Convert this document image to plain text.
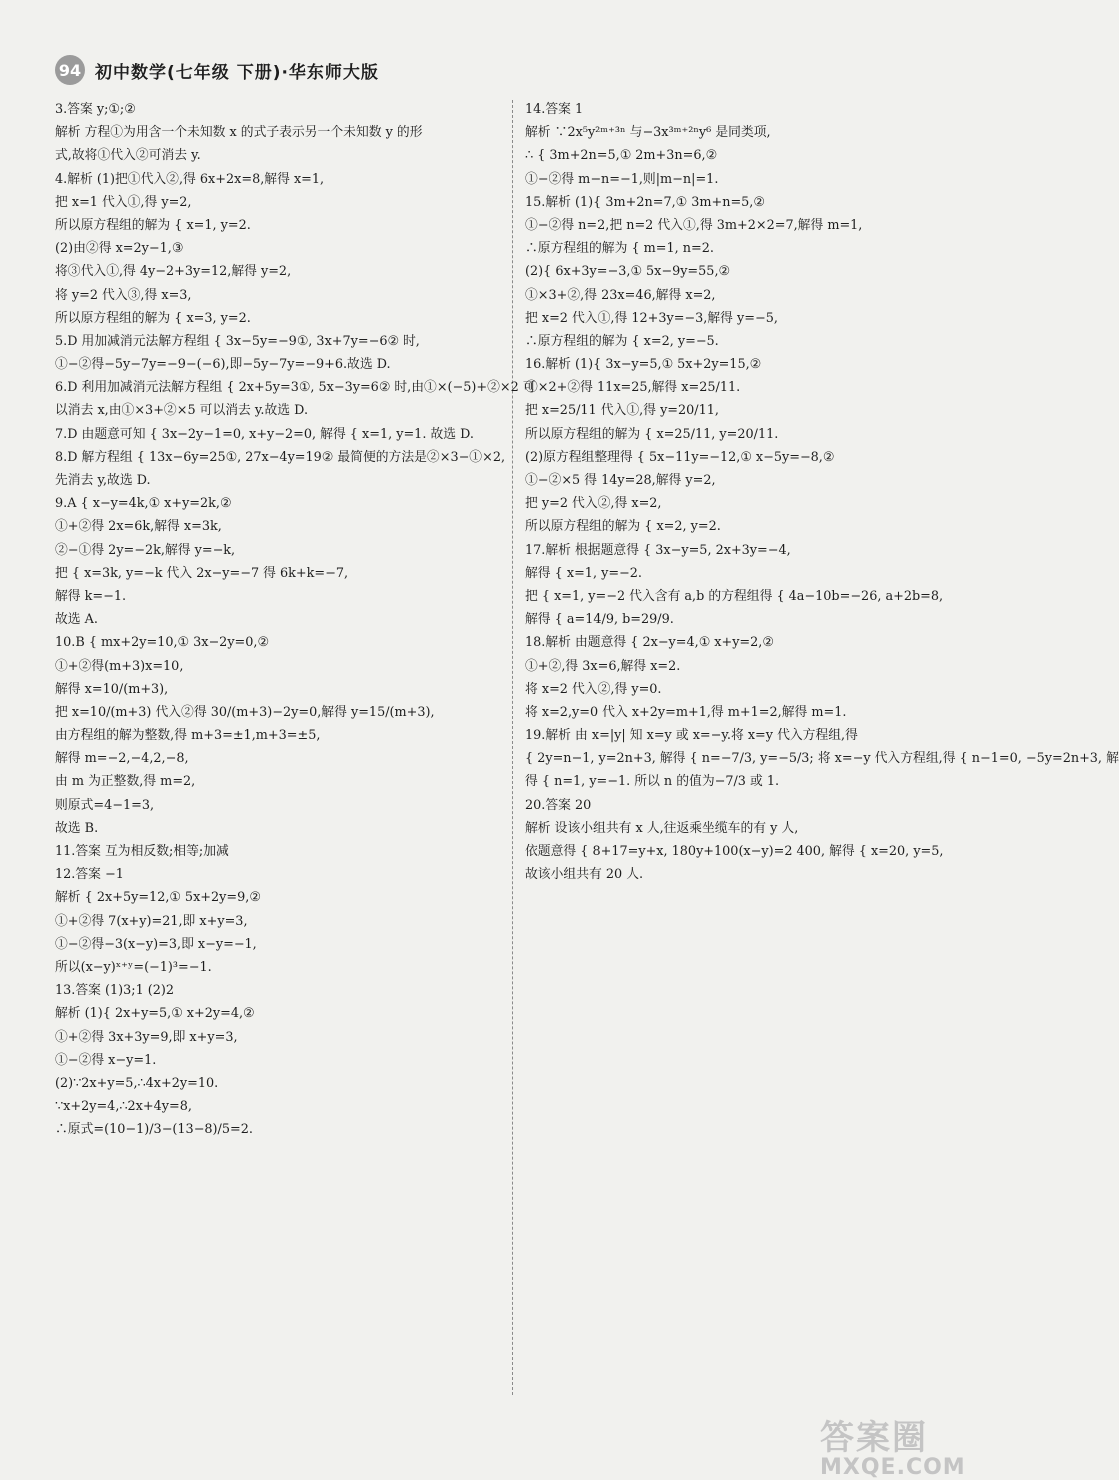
94 初中数学(七年级 下册)·华东师大版
3.答案 y;①;②
解析 方程①为用含一个未知数 x 的式子表示另一个未知数 y 的形
式,故将①代入②可消去 y.
4.解析 (1)把①代入②,得 6x+2x=8,解得 x=1,
把 x=1 代入①,得 y=2,
所以原方程组的解为 { x=1, y=2.
(2)由②得 x=2y−1,③
将③代入①,得 4y−2+3y=12,解得 y=2,
将 y=2 代入③,得 x=3,
所以原方程组的解为 { x=3, y=2.
5.D 用加减消元法解方程组 { 3x−5y=−9①, 3x+7y=−6② 时,
①−②得−5y−7y=−9−(−6),即−5y−7y=−9+6.故选 D.
6.D 利用加减消元法解方程组 { 2x+5y=3①, 5x−3y=6② 时,由①×(−5)+②×2 可
以消去 x,由①×3+②×5 可以消去 y.故选 D.
7.D 由题意可知 { 3x−2y−1=0, x+y−2=0, 解得 { x=1, y=1. 故选 D.
8.D 解方程组 { 13x−6y=25①, 27x−4y=19② 最简便的方法是②×3−①×2,
先消去 y,故选 D.
9.A { x−y=4k,① x+y=2k,②
①+②得 2x=6k,解得 x=3k,
②−①得 2y=−2k,解得 y=−k,
把 { x=3k, y=−k 代入 2x−y=−7 得 6k+k=−7,
解得 k=−1.
故选 A.
10.B { mx+2y=10,① 3x−2y=0,②
①+②得(m+3)x=10,
解得 x=10/(m+3),
把 x=10/(m+3) 代入②得 30/(m+3)−2y=0,解得 y=15/(m+3),
由方程组的解为整数,得 m+3=±1,m+3=±5,
解得 m=−2,−4,2,−8,
由 m 为正整数,得 m=2,
则原式=4−1=3,
故选 B.
11.答案 互为相反数;相等;加减
12.答案 −1
解析 { 2x+5y=12,① 5x+2y=9,②
①+②得 7(x+y)=21,即 x+y=3,
①−②得−3(x−y)=3,即 x−y=−1,
所以(x−y)ˣ⁺ʸ=(−1)³=−1.
13.答案 (1)3;1 (2)2
解析 (1){ 2x+y=5,① x+2y=4,②
①+②得 3x+3y=9,即 x+y=3,
①−②得 x−y=1.
(2)∵2x+y=5,∴4x+2y=10.
∵x+2y=4,∴2x+4y=8,
∴原式=(10−1)/3−(13−8)/5=2.
14.答案 1
解析 ∵2x⁵y²ᵐ⁺³ⁿ 与−3x³ᵐ⁺²ⁿy⁶ 是同类项,
∴ { 3m+2n=5,① 2m+3n=6,②
①−②得 m−n=−1,则|m−n|=1.
15.解析 (1){ 3m+2n=7,① 3m+n=5,②
①−②得 n=2,把 n=2 代入①,得 3m+2×2=7,解得 m=1,
∴原方程组的解为 { m=1, n=2.
(2){ 6x+3y=−3,① 5x−9y=55,②
①×3+②,得 23x=46,解得 x=2,
把 x=2 代入①,得 12+3y=−3,解得 y=−5,
∴原方程组的解为 { x=2, y=−5.
16.解析 (1){ 3x−y=5,① 5x+2y=15,②
①×2+②得 11x=25,解得 x=25/11.
把 x=25/11 代入①,得 y=20/11,
所以原方程组的解为 { x=25/11, y=20/11.
(2)原方程组整理得 { 5x−11y=−12,① x−5y=−8,②
①−②×5 得 14y=28,解得 y=2,
把 y=2 代入②,得 x=2,
所以原方程组的解为 { x=2, y=2.
17.解析 根据题意得 { 3x−y=5, 2x+3y=−4,
解得 { x=1, y=−2.
把 { x=1, y=−2 代入含有 a,b 的方程组得 { 4a−10b=−26, a+2b=8,
解得 { a=14/9, b=29/9.
18.解析 由题意得 { 2x−y=4,① x+y=2,②
①+②,得 3x=6,解得 x=2.
将 x=2 代入②,得 y=0.
将 x=2,y=0 代入 x+2y=m+1,得 m+1=2,解得 m=1.
19.解析 由 x=|y| 知 x=y 或 x=−y.将 x=y 代入方程组,得
{ 2y=n−1, y=2n+3, 解得 { n=−7/3, y=−5/3; 将 x=−y 代入方程组,得 { n−1=0, −5y=2n+3, 解
得 { n=1, y=−1. 所以 n 的值为−7/3 或 1.
20.答案 20
解析 设该小组共有 x 人,往返乘坐缆车的有 y 人,
依题意得 { 8+17=y+x, 180y+100(x−y)=2 400, 解得 { x=20, y=5,
故该小组共有 20 人.
答案圈
MXQE.COM
